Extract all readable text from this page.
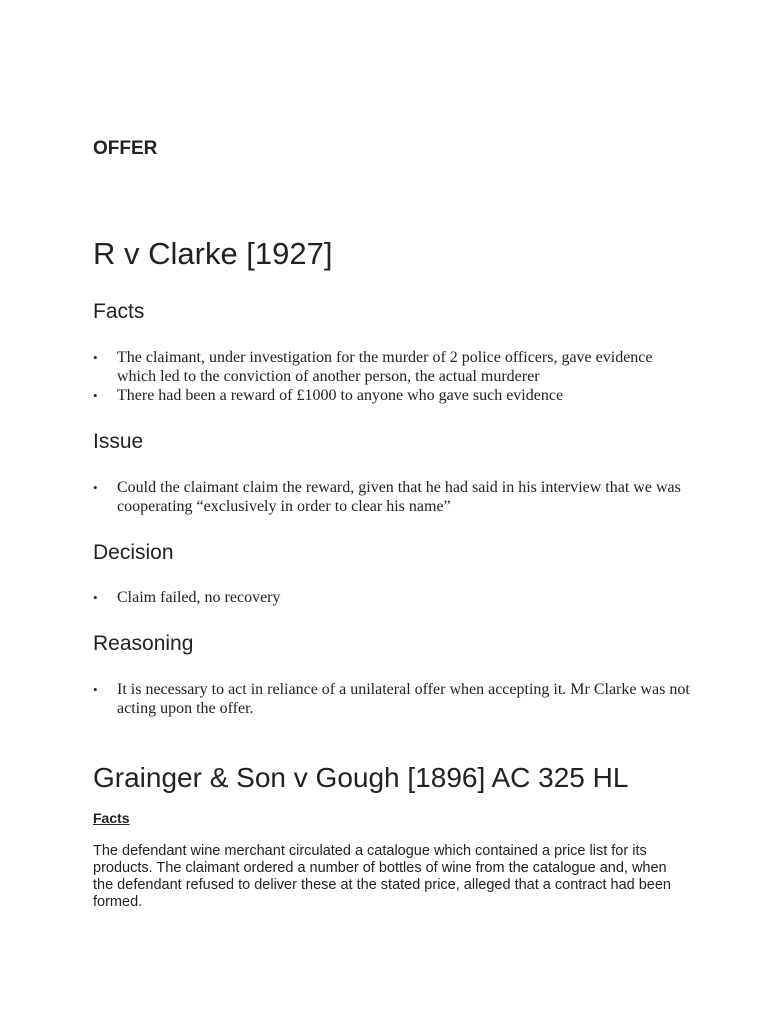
OFFER
R v Clarke [1927]
Facts
• The claimant, under investigation for the murder of 2 police officers, gave evidence which led to the conviction of another person, the actual murderer
• There had been a reward of £1000 to anyone who gave such evidence
Issue
• Could the claimant claim the reward, given that he had said in his interview that we was cooperating “exclusively in order to clear his name”
Decision
• Claim failed, no recovery
Reasoning
• It is necessary to act in reliance of a unilateral offer when accepting it. Mr Clarke was not acting upon the offer.
Grainger & Son v Gough [1896] AC 325 HL

Facts

The defendant wine merchant circulated a catalogue which contained a price list for its products. The claimant ordered a number of bottles of wine from the catalogue and, when the defendant refused to deliver these at the stated price, alleged that a contract had been formed.
